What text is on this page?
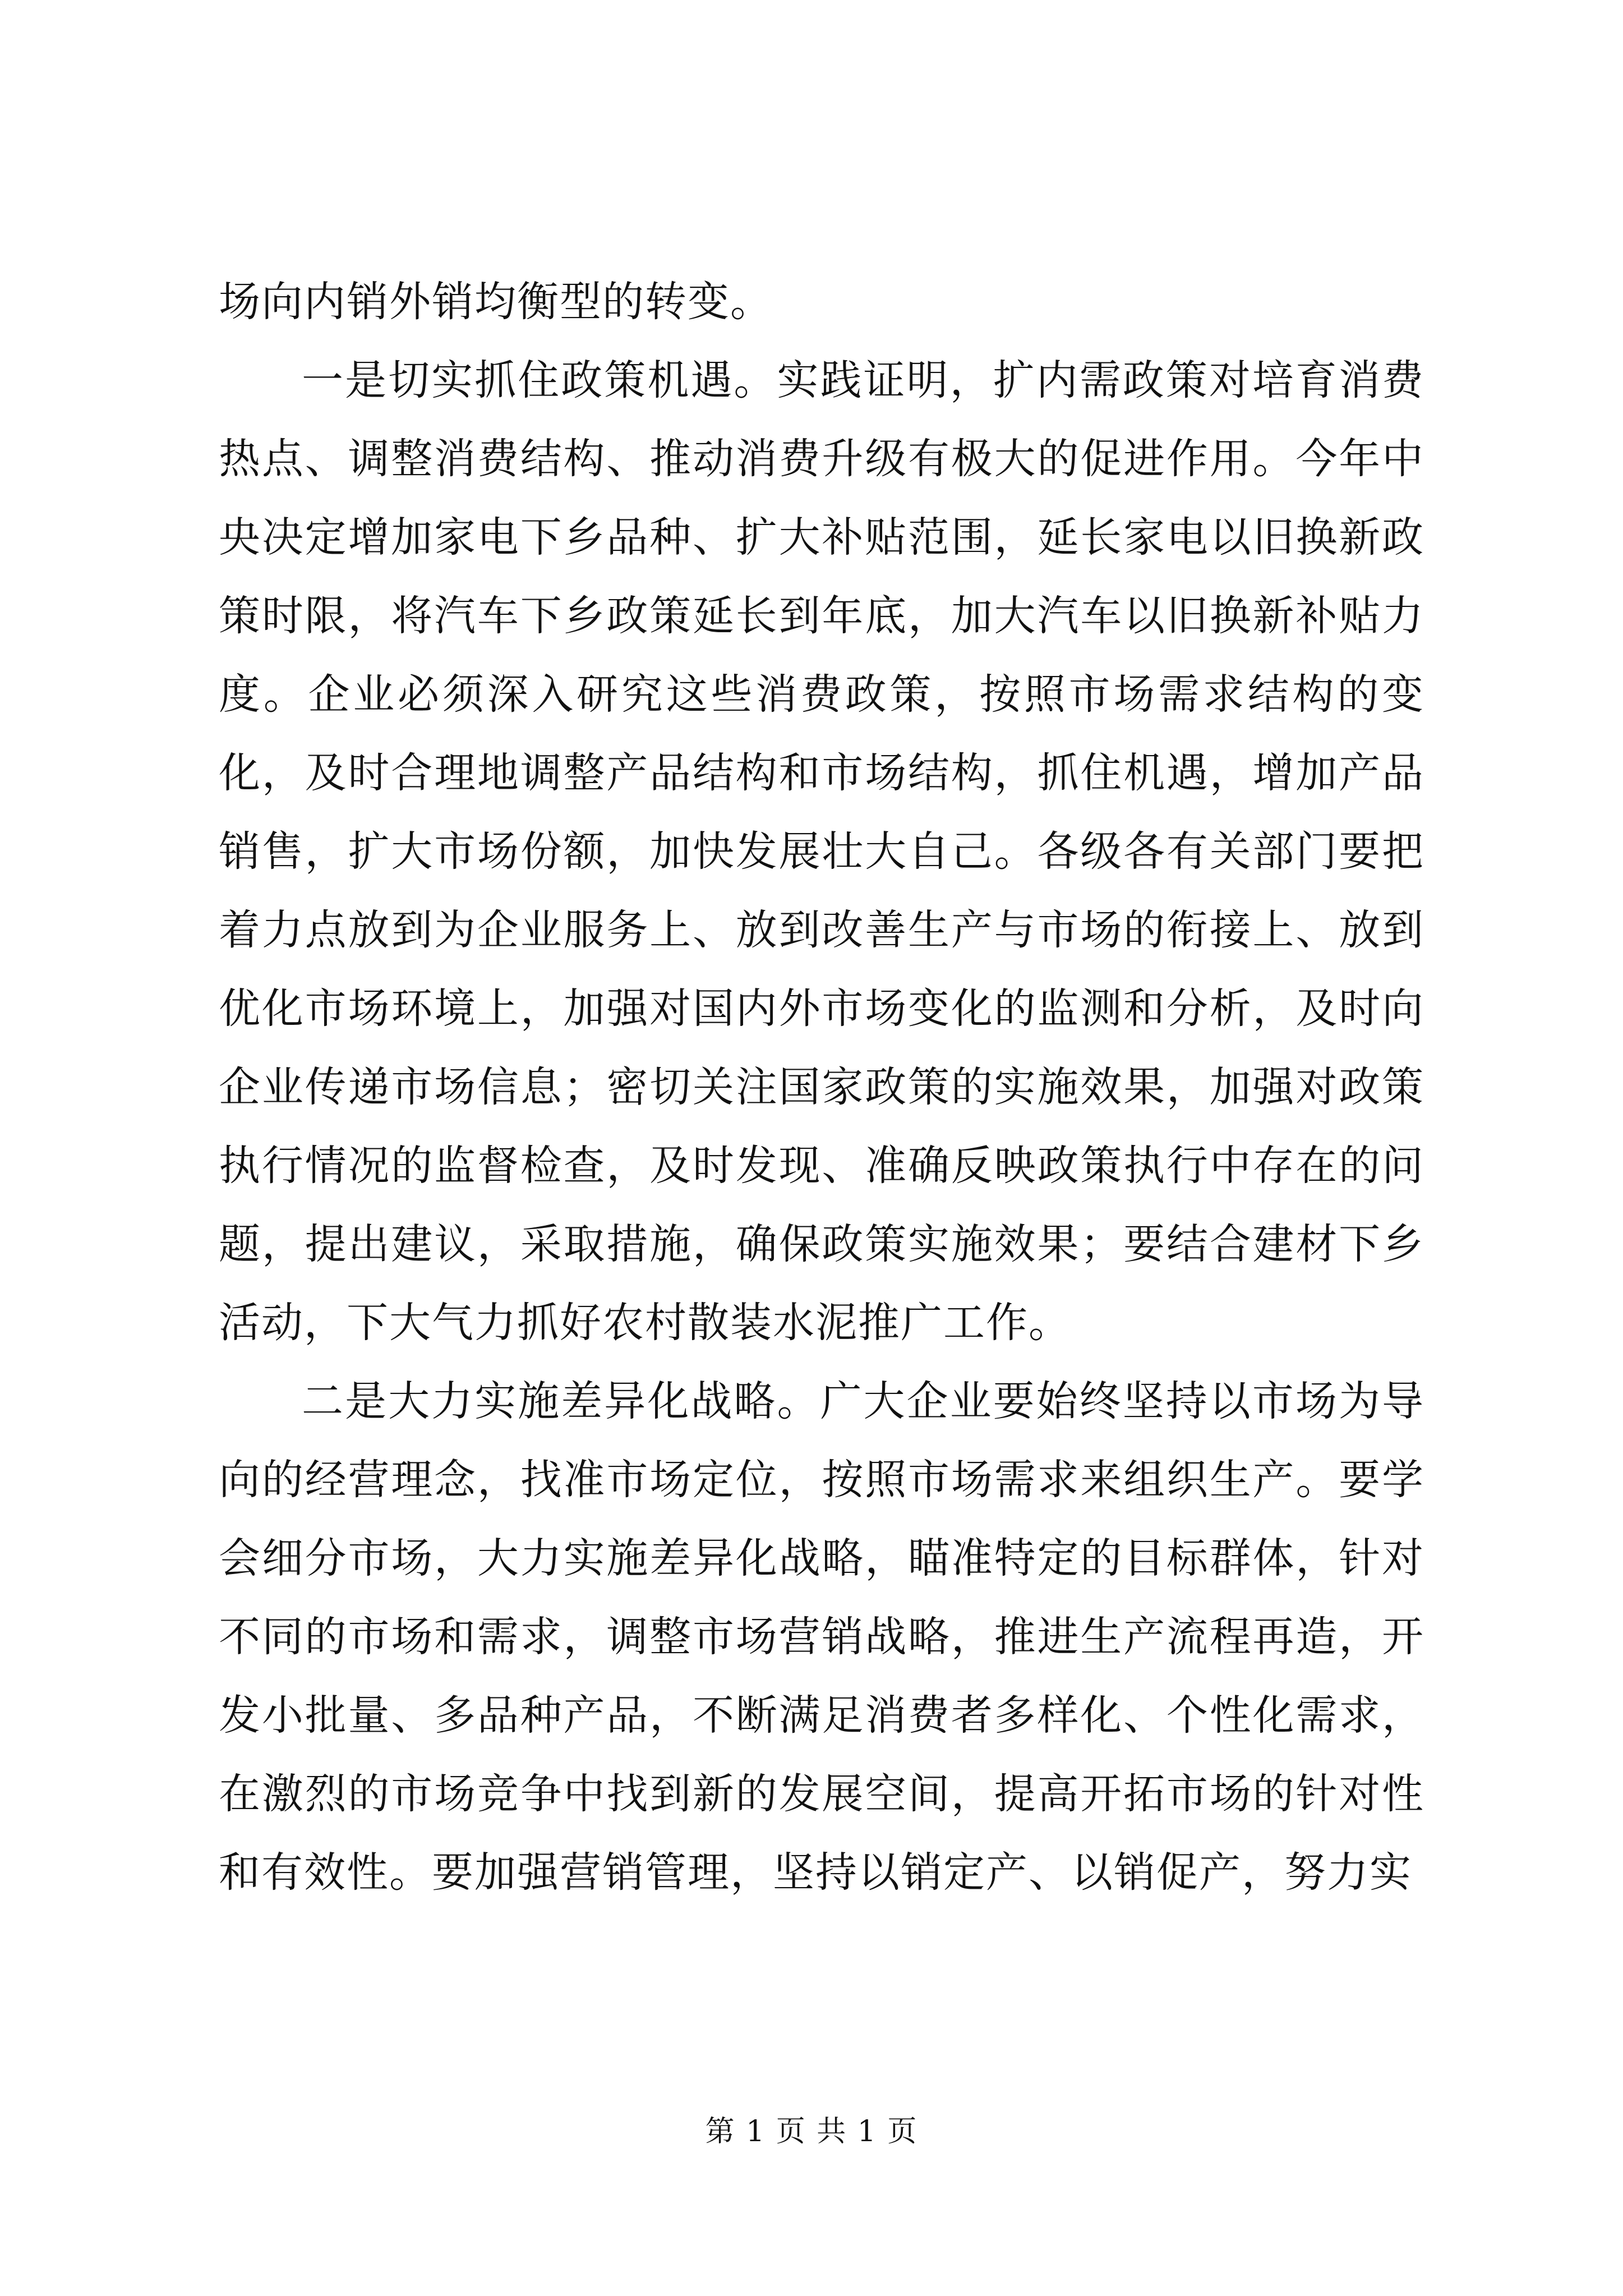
场向内销外销均衡型的转变。

一是切实抓住政策机遇。实践证明，扩内需政策对培育消费热点、调整消费结构、推动消费升级有极大的促进作用。今年中央决定增加家电下乡品种、扩大补贴范围，延长家电以旧换新政策时限，将汽车下乡政策延长到年底，加大汽车以旧换新补贴力度。企业必须深入研究这些消费政策，按照市场需求结构的变化，及时合理地调整产品结构和市场结构，抓住机遇，增加产品销售，扩大市场份额，加快发展壮大自己。各级各有关部门要把着力点放到为企业服务上、放到改善生产与市场的衔接上、放到优化市场环境上，加强对国内外市场变化的监测和分析，及时向企业传递市场信息；密切关注国家政策的实施效果，加强对政策执行情况的监督检查，及时发现、准确反映政策执行中存在的问题，提出建议，采取措施，确保政策实施效果；要结合建材下乡活动，下大气力抓好农村散装水泥推广工作。

二是大力实施差异化战略。广大企业要始终坚持以市场为导向的经营理念，找准市场定位，按照市场需求来组织生产。要学会细分市场，大力实施差异化战略，瞄准特定的目标群体，针对不同的市场和需求，调整市场营销战略，推进生产流程再造，开发小批量、多品种产品，不断满足消费者多样化、个性化需求，在激烈的市场竞争中找到新的发展空间，提高开拓市场的针对性和有效性。要加强营销管理，坚持以销定产、以销促产，努力实

第 1 页 共 1 页
